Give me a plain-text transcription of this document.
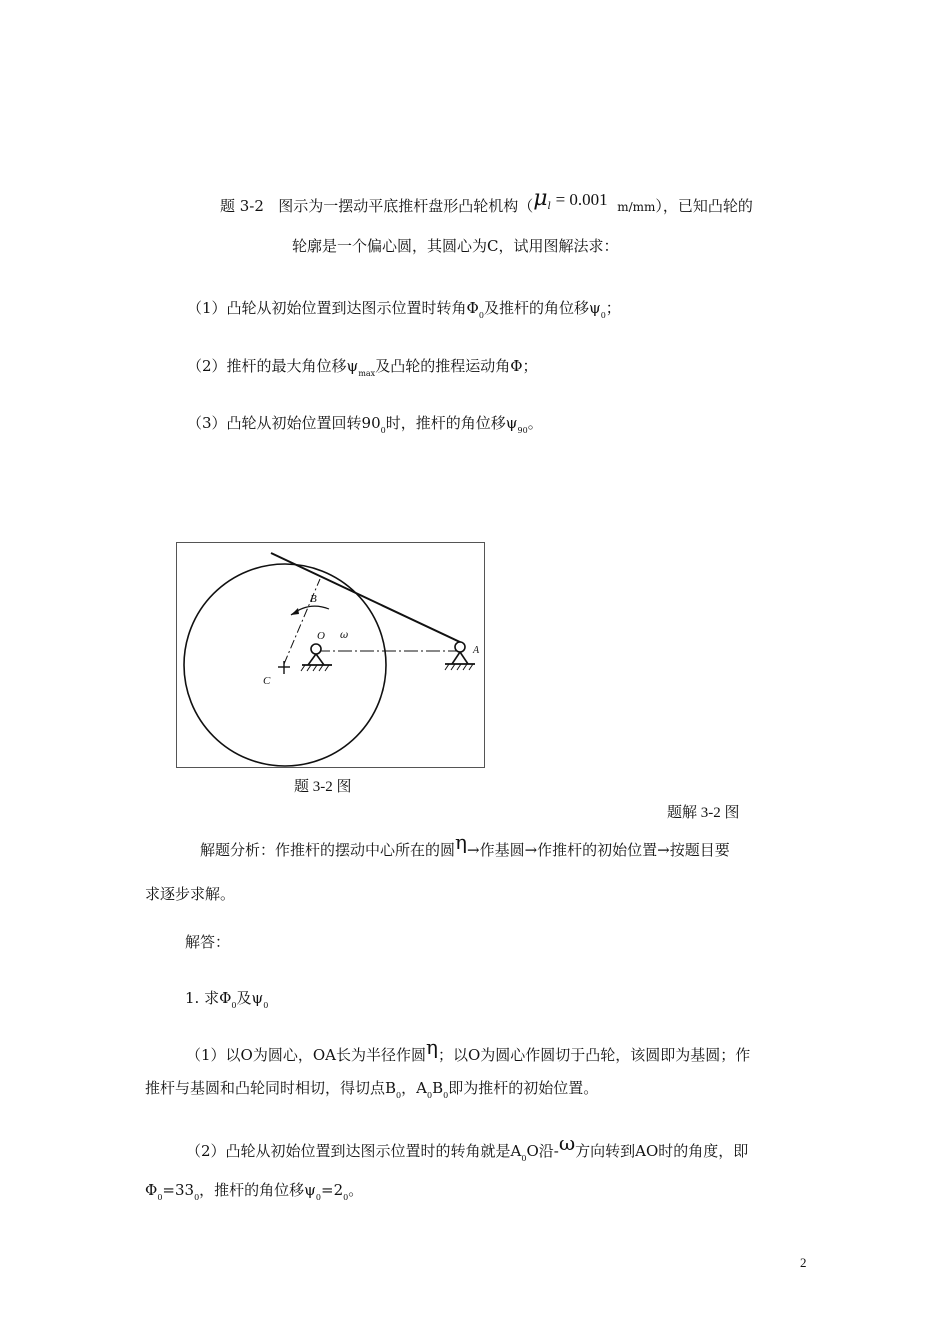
题 3-2 图示为一摆动平底推杆盘形凸轮机构（$\mu_l = 0.001$ m/mm），已知凸轮的
轮廓是一个偏心圆，其圆心为C，试用图解法求：
（1）凸轮从初始位置到达图示位置时转角$\Phi_0$及推杆的角位移$\psi_0$；
（2）推杆的最大角位移$\psi_{max}$及凸轮的推程运动角Φ；
（3）凸轮从初始位置回转$90_0$时，推杆的角位移$\psi_{90}$。
B
O ω
A
C
题 3-2 图
题解 3-2 图
解题分析：作推杆的摆动中心所在的圆η→作基圆→作推杆的初始位置→按题目要
求逐步求解。
解答：
1. 求$\Phi_0$及$\psi_0$
（1）以O为圆心，OA长为半径作圆η；以O为圆心作圆切于凸轮，该圆即为基圆；作
推杆与基圆和凸轮同时相切，得切点$B_0$，$A_0B_0$即为推杆的初始位置。
（2）凸轮从初始位置到达图示位置时的转角就是$A_0O$沿-ω方向转到AO时的角度，即
$\Phi_0=33_0$，推杆的角位移$\psi_0=2_0$。
2
